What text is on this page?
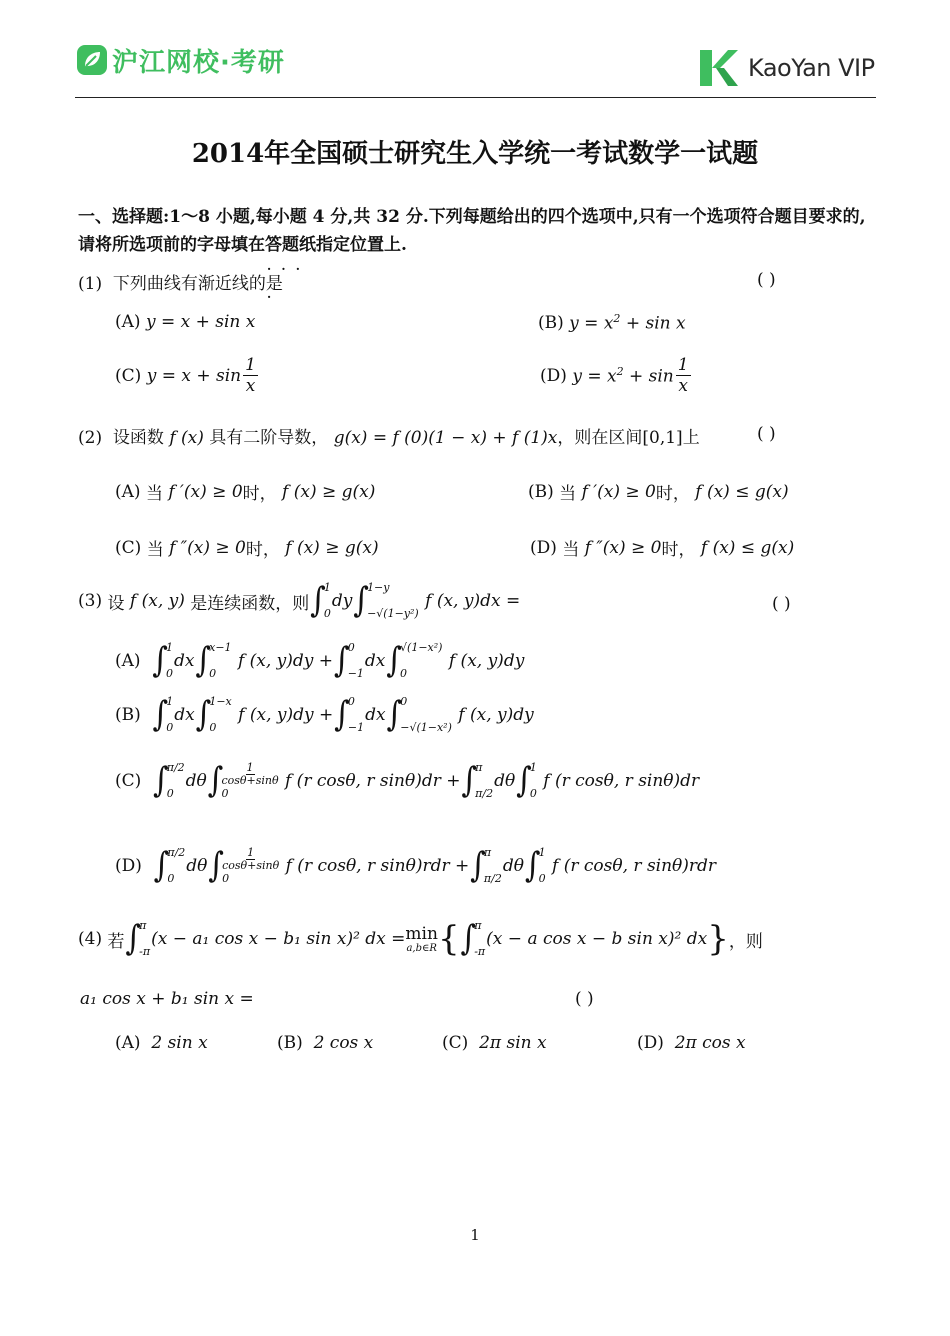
沪江网校·考研	KaoYan VIP
2014年全国硕士研究生入学统一考试数学一试题
一、选择题:1～8 小题,每小题 4 分,共 32 分.下列每题给出的四个选项中,只有一个选项符合题目要求的,请将所选项前的字母填在答题纸 · · · ·指定位置上.
(1) 下列曲线有渐近线的是	( )
(A)
y = x + sin x	(B)
$y = x^2 + \sin x$
(C)
$y = x + \sin \frac{1}{x}$	(D)
$y = x^2 + \sin \frac{1}{x}$
(2) 设函数 f (x) 具有二阶导数， g(x) = f (0)(1 − x) + f (1)x，则在区间[0,1]上	( )
(A)
当
f ′(x) ≥ 0 时，
f (x) ≥ g(x)	(B)
当
f ′(x) ≥ 0 时，
f (x) ≤ g(x)
(C)
当
f ″(x) ≥ 0 时，
f (x) ≥ g(x)	(D)
当
f ″(x) ≥ 0 时，
f (x) ≤ g(x)
(3)
设
f (x, y)
是连续函数，则 ∫
1
0
dy ∫
1−y
−√(1−y²)

f (x, y)dx =	( )
(A)
∫
1
0
dx ∫
x−1
0

f (x, y)dy + ∫
0
−1
dx ∫
√(1−x²)
0

f (x, y)dy
(B)
∫
1
0
dx ∫
1−x
0

f (x, y)dy + ∫
0
−1
dx ∫
0
−√(1−x²)

f (x, y)dy
(C)
∫
π/2
0
dθ ∫
$\frac{1}{\cos\theta+\sin\theta}$
0

f (r cosθ, r sinθ)dr + ∫
π
π/2
dθ ∫
1
0

f (r cosθ, r sinθ)dr
(D)
∫
π/2
0
dθ ∫
$\frac{1}{\cos\theta+\sin\theta}$
0

f (r cosθ, r sinθ)rdr + ∫
π
π/2
dθ ∫
1
0

f (r cosθ, r sinθ)rdr
(4)
若 ∫
π
-π
(x − a₁ cos x − b₁ sin x)² dx = min
a,b∈R { ∫
π
-π
(x − a cos x − b sin x)² dx } ，则
a₁ cos x + b₁ sin x =	( )
(A)
2 sin x	(B)
2 cos x	(C)
2π sin x	(D)
2π cos x
1
